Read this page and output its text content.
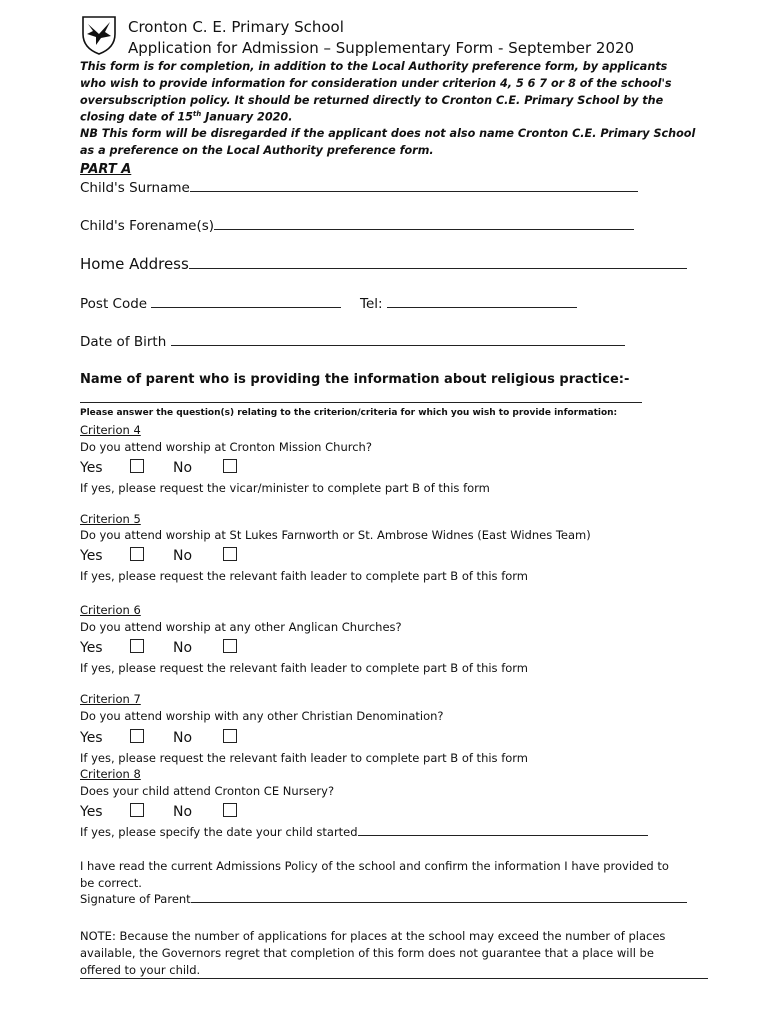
Cronton C. E. Primary School
Application for Admission – Supplementary Form - September 2020
This form is for completion, in addition to the Local Authority preference form, by applicants
who wish to provide information for consideration under criterion 4, 5 6 7 or 8 of the school's
oversubscription policy. It should be returned directly to Cronton C.E. Primary School by the
closing date of 15th January 2020.
NB This form will be disregarded if the applicant does not also name Cronton C.E. Primary School
as a preference on the Local Authority preference form.
PART A
Child's Surname
Child's Forename(s)
Home Address
Post Code	Tel:
Date of Birth
Name of parent who is providing the information about religious practice:-
Please answer the question(s) relating to the criterion/criteria for which you wish to provide information:
Criterion 4
Do you attend worship at Cronton Mission Church?
Yes	No
If yes, please request the vicar/minister to complete part B of this form
Criterion 5
Do you attend worship at St Lukes Farnworth or St. Ambrose Widnes (East Widnes Team)
Yes	No
If yes, please request the relevant faith leader to complete part B of this form
Criterion 6
Do you attend worship at any other Anglican Churches?
Yes	No
If yes, please request the relevant faith leader to complete part B of this form
Criterion 7
Do you attend worship with any other Christian Denomination?
Yes	No
If yes, please request the relevant faith leader to complete part B of this form
Criterion 8
Does your child attend Cronton CE Nursery?
Yes	No
If yes, please specify the date your child started
I have read the current Admissions Policy of the school and confirm the information I have provided to
be correct.
Signature of Parent
NOTE: Because the number of applications for places at the school may exceed the number of places
available, the Governors regret that completion of this form does not guarantee that a place will be
offered to your child.
